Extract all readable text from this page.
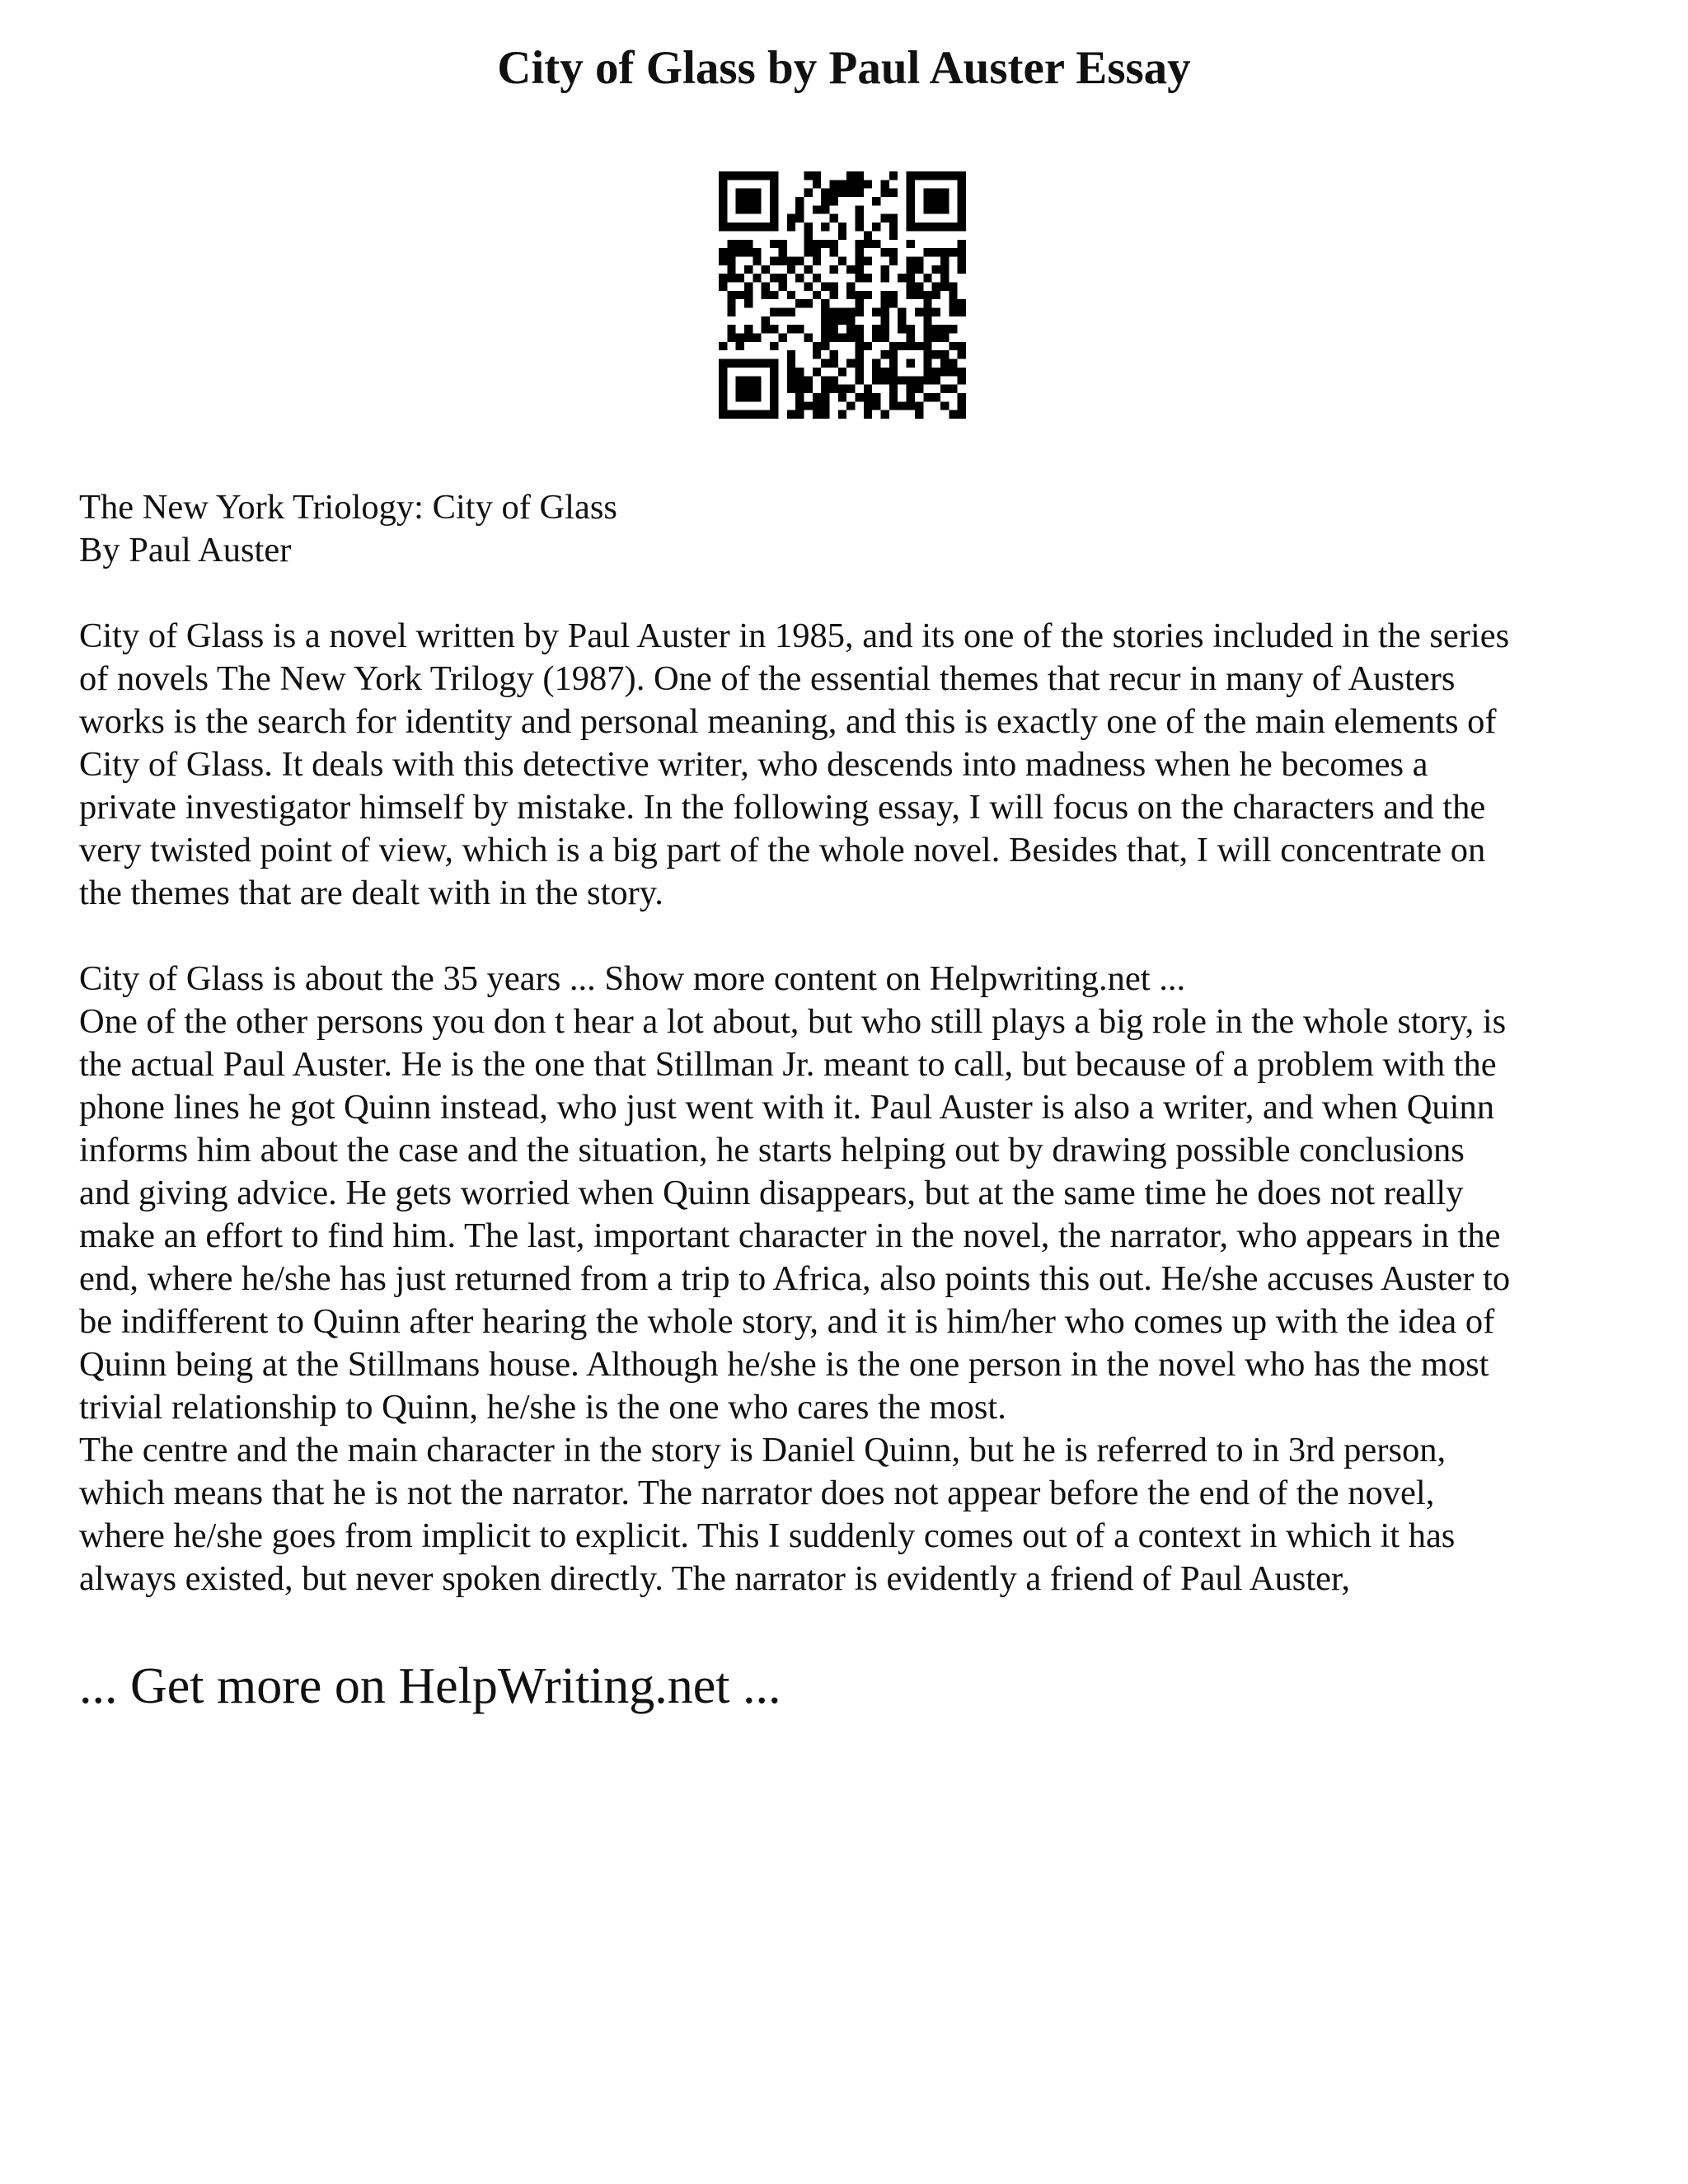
City of Glass by Paul Auster Essay
The New York Triology: City of Glass
By Paul Auster
City of Glass is a novel written by Paul Auster in 1985, and its one of the stories included in the series
of novels The New York Trilogy (1987). One of the essential themes that recur in many of Austers
works is the search for identity and personal meaning, and this is exactly one of the main elements of
City of Glass. It deals with this detective writer, who descends into madness when he becomes a
private investigator himself by mistake. In the following essay, I will focus on the characters and the
very twisted point of view, which is a big part of the whole novel. Besides that, I will concentrate on
the themes that are dealt with in the story.
City of Glass is about the 35 years ... Show more content on Helpwriting.net ...
One of the other persons you don t hear a lot about, but who still plays a big role in the whole story, is
the actual Paul Auster. He is the one that Stillman Jr. meant to call, but because of a problem with the
phone lines he got Quinn instead, who just went with it. Paul Auster is also a writer, and when Quinn
informs him about the case and the situation, he starts helping out by drawing possible conclusions
and giving advice. He gets worried when Quinn disappears, but at the same time he does not really
make an effort to find him. The last, important character in the novel, the narrator, who appears in the
end, where he/she has just returned from a trip to Africa, also points this out. He/she accuses Auster to
be indifferent to Quinn after hearing the whole story, and it is him/her who comes up with the idea of
Quinn being at the Stillmans house. Although he/she is the one person in the novel who has the most
trivial relationship to Quinn, he/she is the one who cares the most.
The centre and the main character in the story is Daniel Quinn, but he is referred to in 3rd person,
which means that he is not the narrator. The narrator does not appear before the end of the novel,
where he/she goes from implicit to explicit. This I suddenly comes out of a context in which it has
always existed, but never spoken directly. The narrator is evidently a friend of Paul Auster,

... Get more on HelpWriting.net ...
